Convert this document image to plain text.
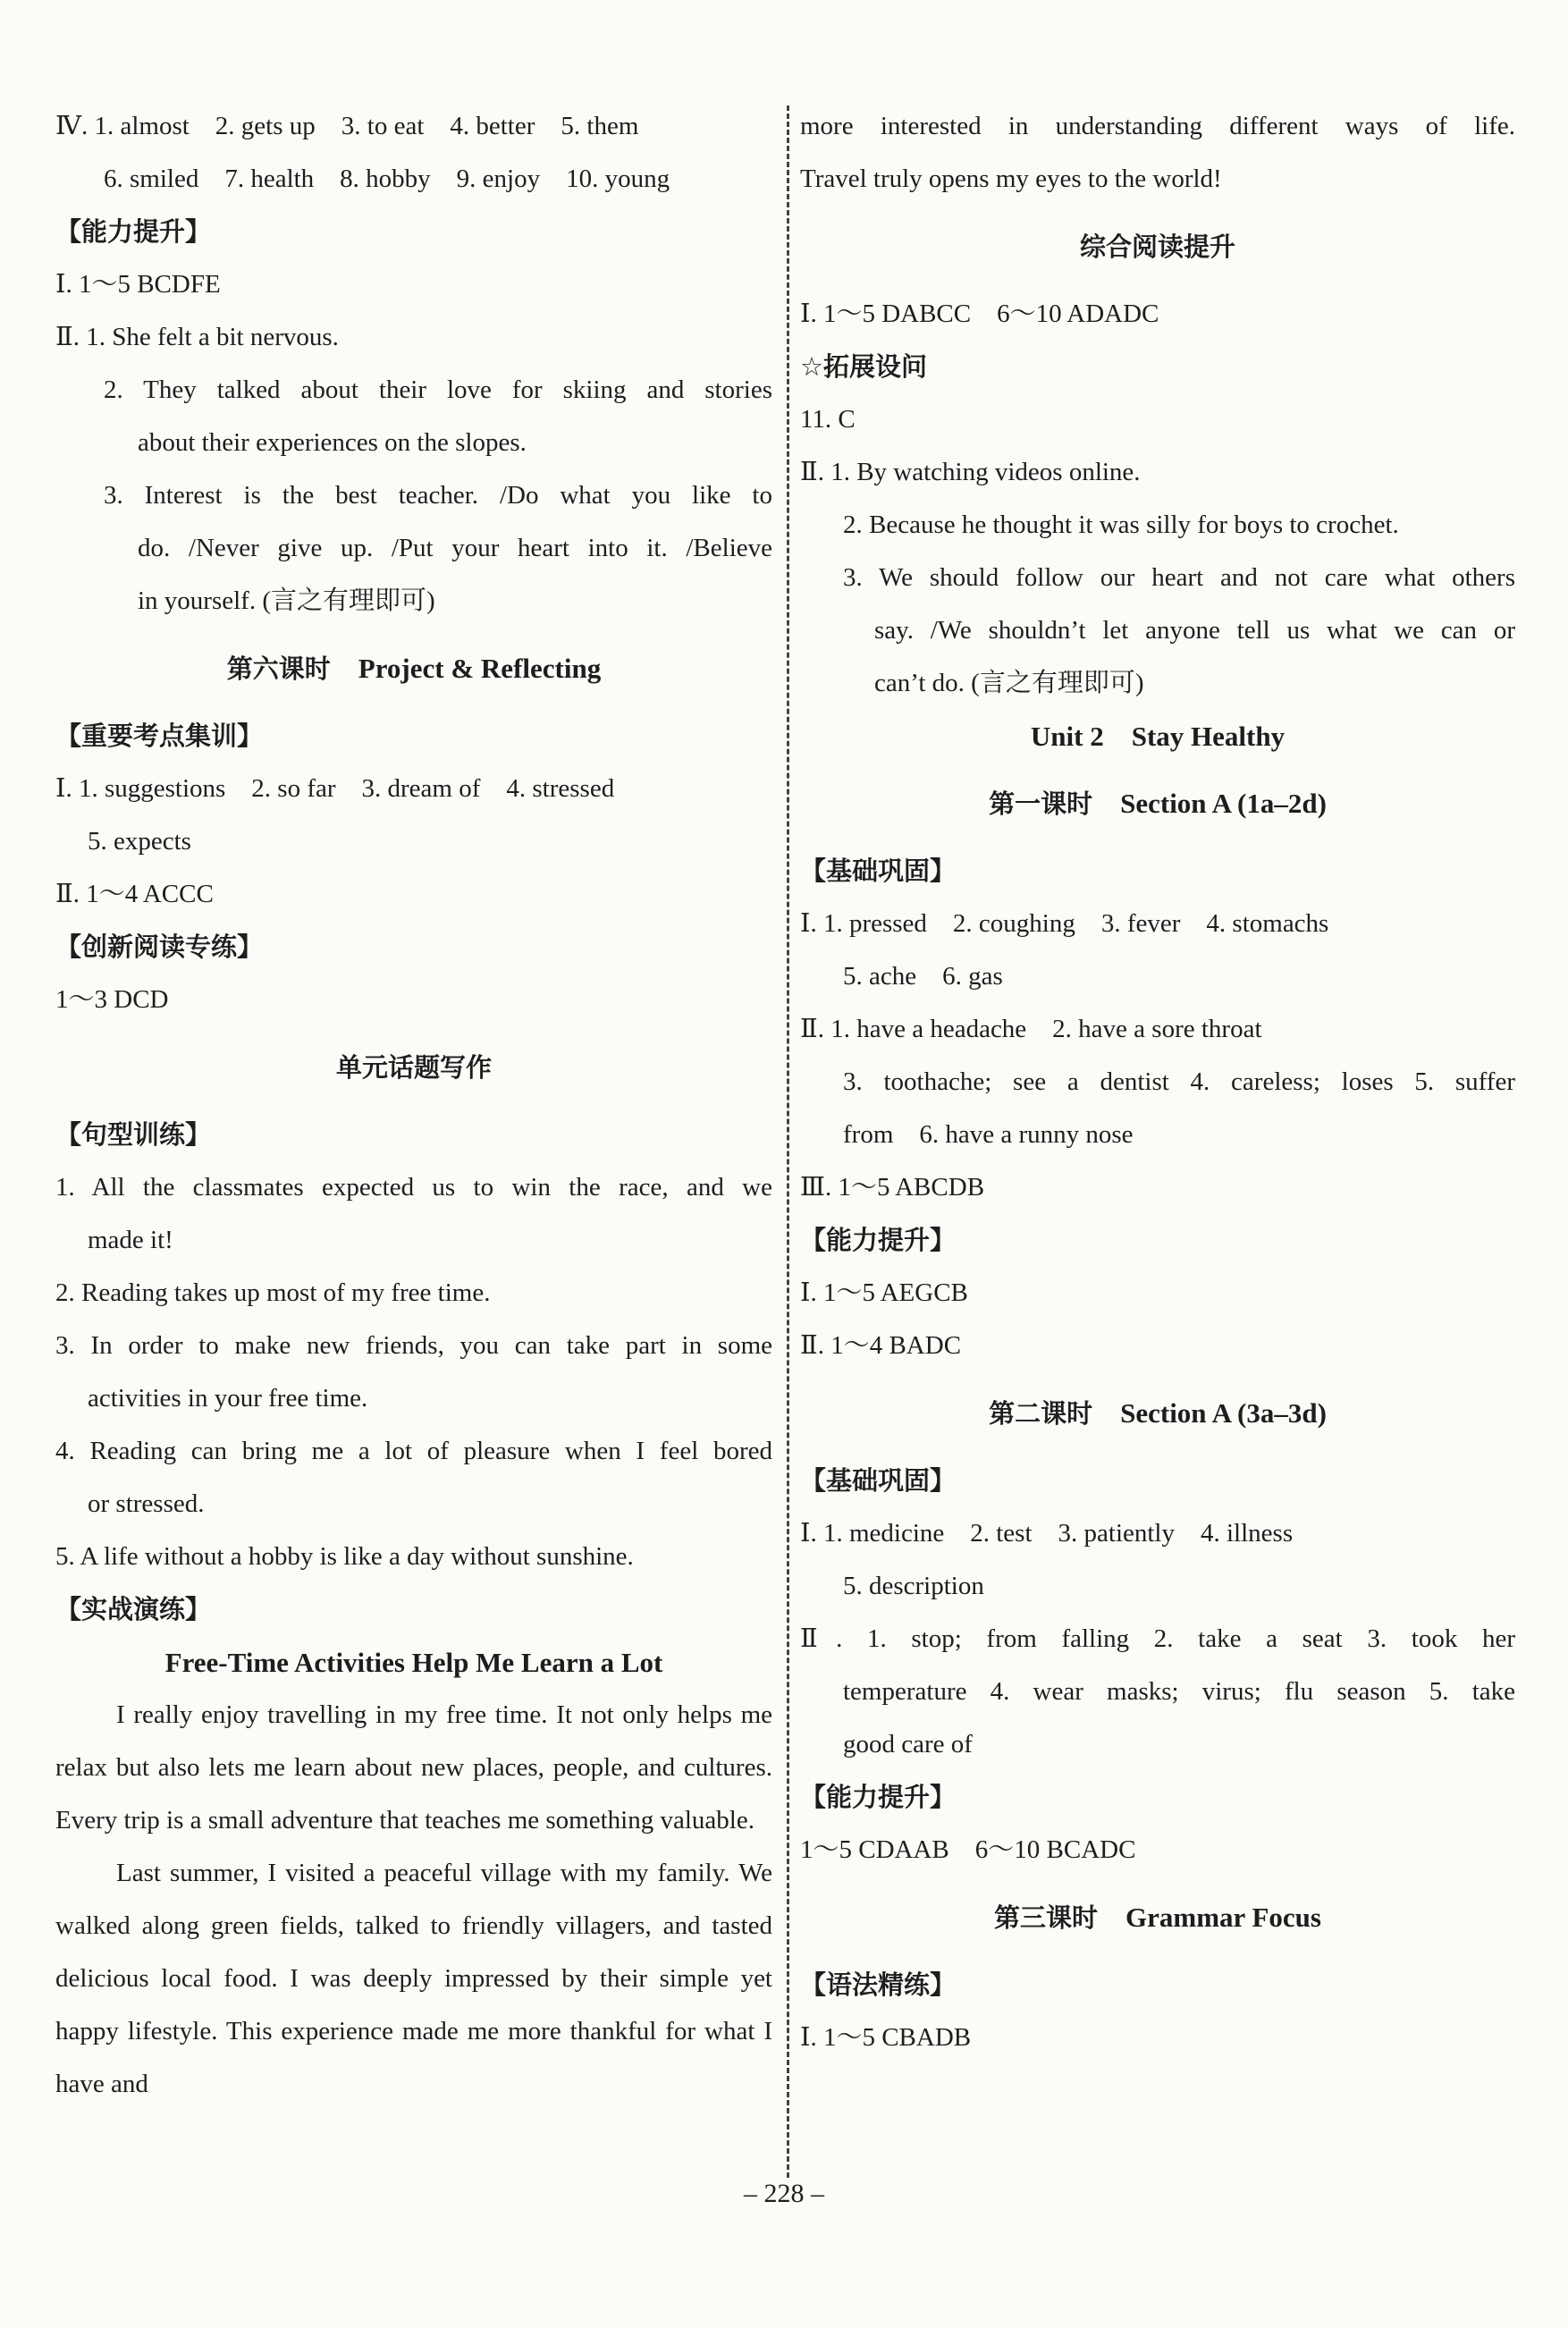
Ⅳ. 1. almost    2. gets up    3. to eat    4. better    5. them
6. smiled    7. health    8. hobby    9. enjoy    10. young
【能力提升】
Ⅰ. 1～5 BCDFE
Ⅱ. 1. She felt a bit nervous.
2. They talked about their love for skiing and stories
about their experiences on the slopes.
3. Interest is the best teacher. /Do what you like to
do. /Never give up. /Put your heart into it. /Believe
in yourself. (言之有理即可)
第六课时 Project & Reflecting
【重要考点集训】
Ⅰ. 1. suggestions    2. so far    3. dream of    4. stressed
5. expects
Ⅱ. 1～4 ACCC
【创新阅读专练】
1～3 DCD
单元话题写作
【句型训练】
1. All the classmates expected us to win the race, and we
made it!
2. Reading takes up most of my free time.
3. In order to make new friends, you can take part in some
activities in your free time.
4. Reading can bring me a lot of pleasure when I feel bored
or stressed.
5. A life without a hobby is like a day without sunshine.
【实战演练】
Free-Time Activities Help Me Learn a Lot

I really enjoy travelling in my free time. It not only helps me relax but also lets me learn about new places, people, and cultures. Every trip is a small adventure that teaches me something valuable.

Last summer, I visited a peaceful village with my family. We walked along green fields, talked to friendly villagers, and tasted delicious local food. I was deeply impressed by their simple yet happy lifestyle. This experience made me more thankful for what I have and

more interested in understanding different ways of life.
Travel truly opens my eyes to the world!
综合阅读提升
Ⅰ. 1～5 DABCC    6～10 ADADC
☆拓展设问
11. C
Ⅱ. 1. By watching videos online.
2. Because he thought it was silly for boys to crochet.
3. We should follow our heart and not care what others
say. /We shouldn’t let anyone tell us what we can or
can’t do. (言之有理即可)
Unit 2    Stay Healthy
第一课时 Section A (1a–2d)
【基础巩固】
Ⅰ. 1. pressed    2. coughing    3. fever    4. stomachs
5. ache    6. gas
Ⅱ. 1. have a headache    2. have a sore throat
3. toothache; see a dentist 4. careless; loses 5. suffer
from    6. have a runny nose
Ⅲ. 1～5 ABCDB
【能力提升】
Ⅰ. 1～5 AEGCB
Ⅱ. 1～4 BADC
第二课时 Section A (3a–3d)
【基础巩固】
Ⅰ. 1. medicine    2. test    3. patiently    4. illness
5. description
Ⅱ. 1. stop; from falling 2. take a seat 3. took her
temperature 4. wear masks; virus; flu season 5. take
good care of
【能力提升】
1～5 CDAAB    6～10 BCADC
第三课时 Grammar Focus
【语法精练】
Ⅰ. 1～5 CBADB
– 228 –
